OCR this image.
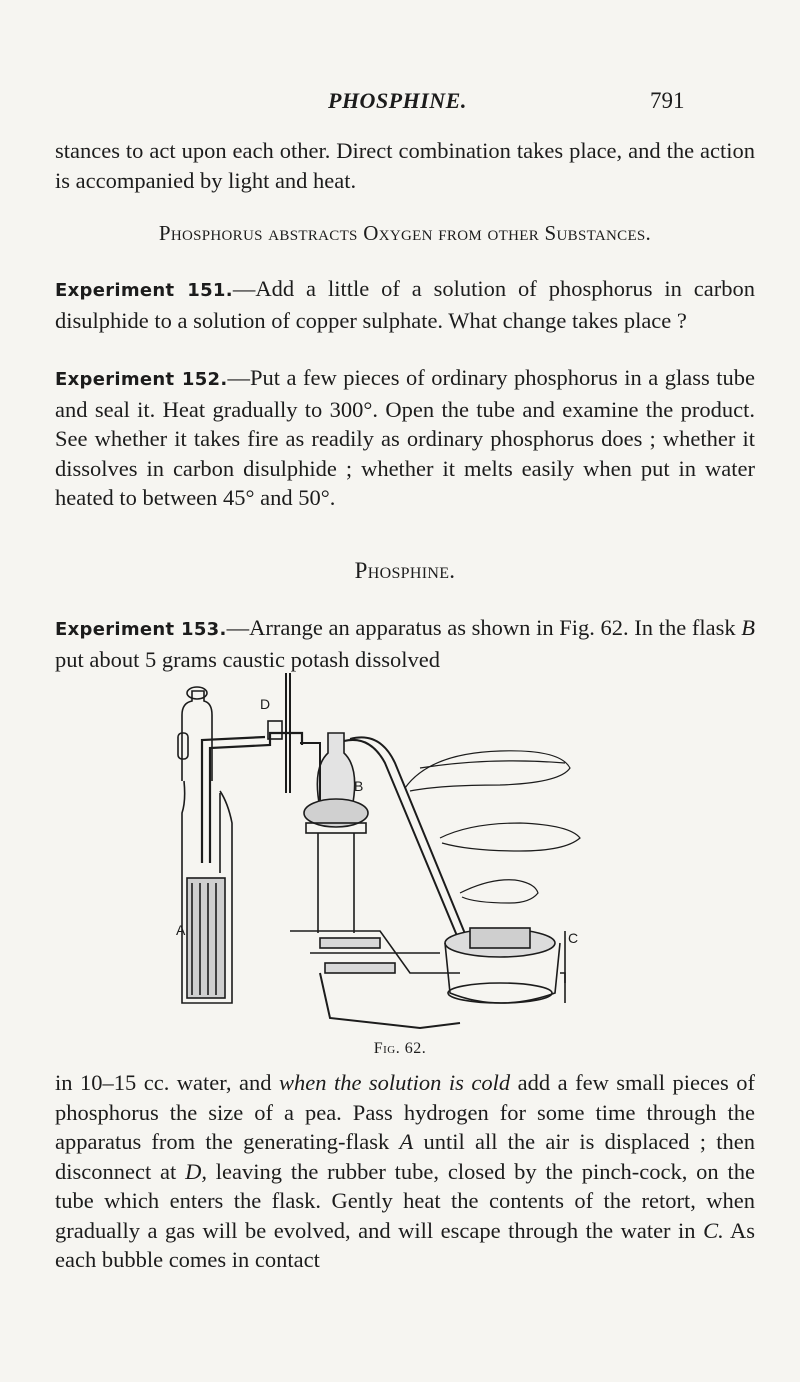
PHOSPHINE.	791

stances to act upon each other. Direct combination takes place, and the action is accompanied by light and heat.

Phosphorus abstracts Oxygen from other Substances.

Experiment 151.—Add a little of a solution of phosphorus in carbon disulphide to a solution of copper sulphate. What change takes place ?

Experiment 152.—Put a few pieces of ordinary phosphorus in a glass tube and seal it. Heat gradually to 300°. Open the tube and examine the product. See whether it takes fire as readily as ordinary phosphorus does ; whether it dissolves in carbon disulphide ; whether it melts easily when put in water heated to between 45° and 50°.

Phosphine.

Experiment 153.—Arrange an apparatus as shown in Fig. 62. In the flask B put about 5 grams caustic potash dissolved

A
D
B
C
Fig. 62.

in 10–15 cc. water, and when the solution is cold add a few small pieces of phosphorus the size of a pea. Pass hydrogen for some time through the apparatus from the generating-flask A until all the air is displaced ; then disconnect at D, leaving the rubber tube, closed by the pinch-cock, on the tube which enters the flask. Gently heat the contents of the retort, when gradually a gas will be evolved, and will escape through the water in C. As each bubble comes in contact
